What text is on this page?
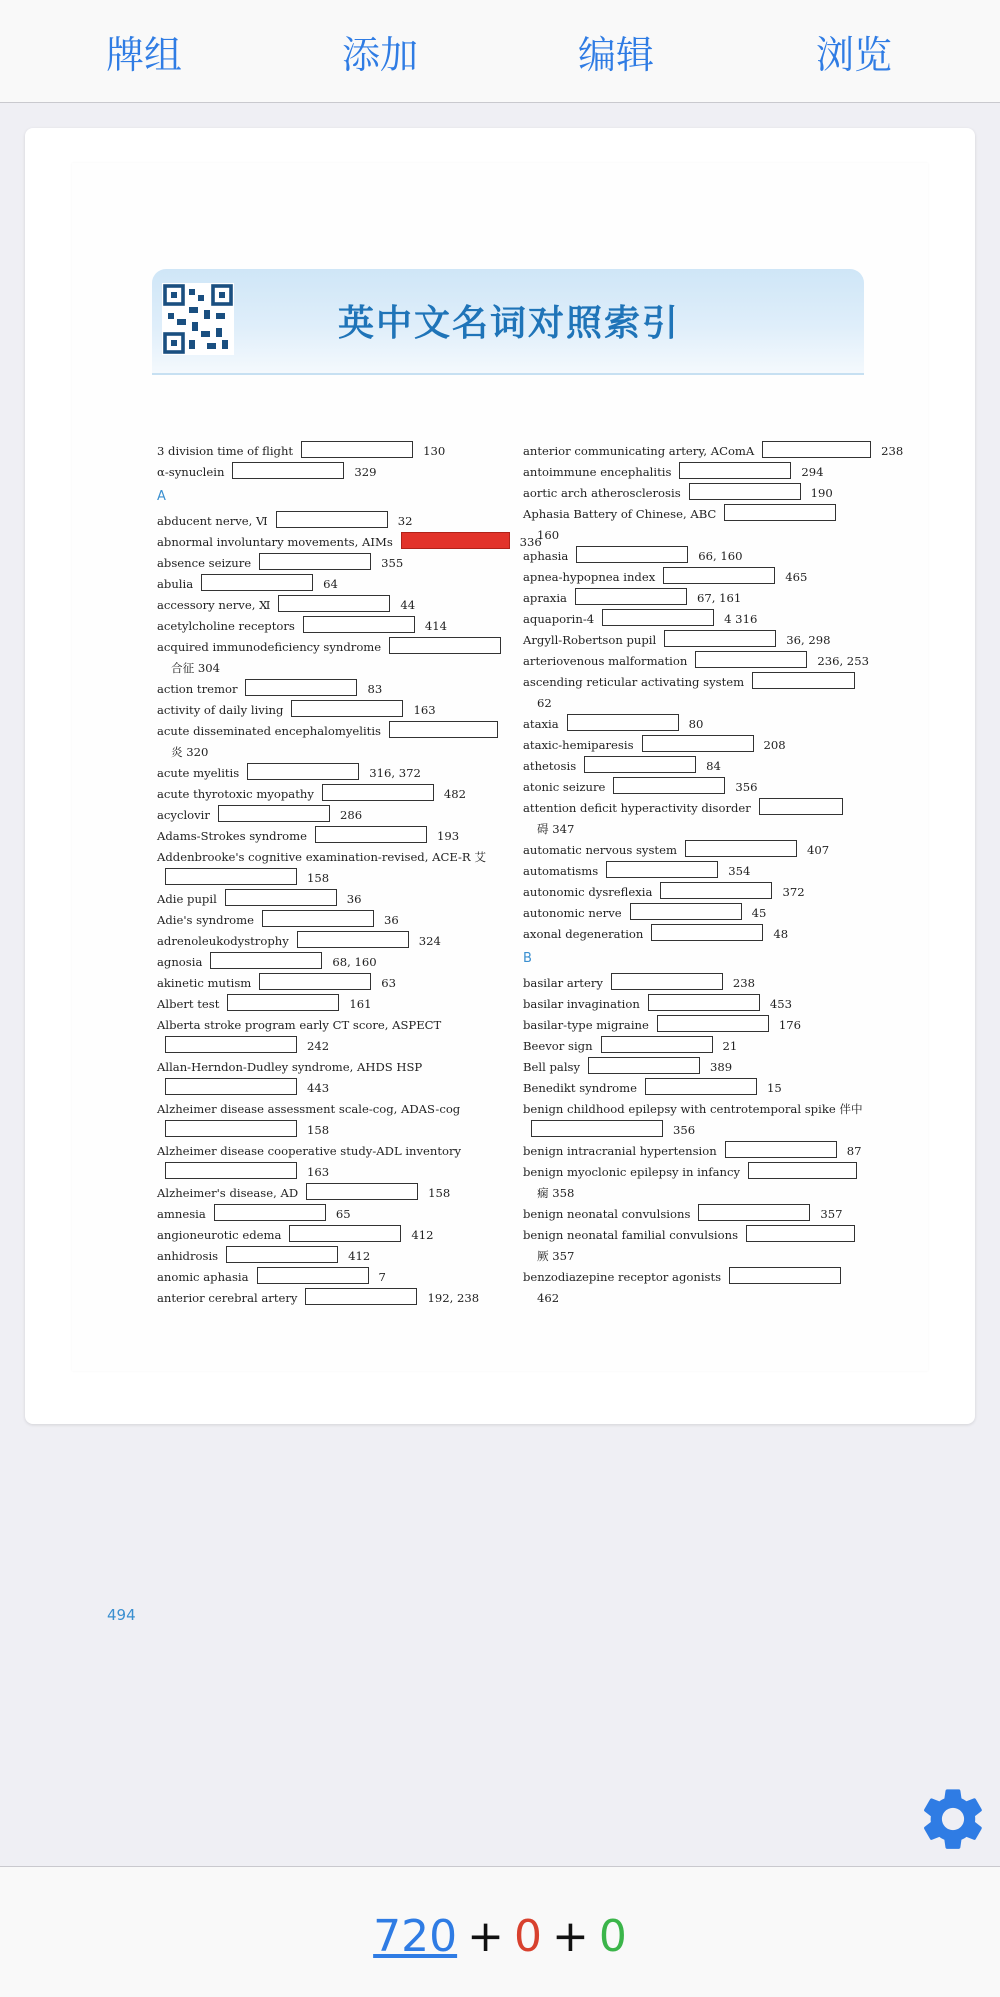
牌组	添加	编辑	浏览
英中文名词对照索引
494
3 division time of flight	130
α-synuclein	329
A
abducent nerve, Ⅵ	32
abnormal involuntary movements, AIMs	336
absence seizure	355
abulia	64
accessory nerve, Ⅺ	44
acetylcholine receptors	414
acquired immunodeficiency syndrome
合征 304
action tremor	83
activity of daily living	163
acute disseminated encephalomyelitis
炎 320
acute myelitis	316, 372
acute thyrotoxic myopathy	482
acyclovir	286
Adams-Strokes syndrome	193
Addenbrooke's cognitive examination-revised, ACE-R 艾
158
Adie pupil	36
Adie's syndrome	36
adrenoleukodystrophy	324
agnosia	68, 160
akinetic mutism	63
Albert test	161
Alberta stroke program early CT score, ASPECT
242
Allan-Herndon-Dudley syndrome, AHDS HSP
443
Alzheimer disease assessment scale-cog, ADAS-cog
158
Alzheimer disease cooperative study-ADL inventory
163
Alzheimer's disease, AD	158
amnesia	65
angioneurotic edema	412
anhidrosis	412
anomic aphasia	7
anterior cerebral artery	192, 238
anterior communicating artery, AComA	238
antoimmune encephalitis	294
aortic arch atherosclerosis	190
Aphasia Battery of Chinese, ABC
160
aphasia	66, 160
apnea-hypopnea index	465
apraxia	67, 161
aquaporin-4	4 316
Argyll-Robertson pupil	36, 298
arteriovenous malformation	236, 253
ascending reticular activating system
62
ataxia	80
ataxic-hemiparesis	208
athetosis	84
atonic seizure	356
attention deficit hyperactivity disorder
碍 347
automatic nervous system	407
automatisms	354
autonomic dysreflexia	372
autonomic nerve	45
axonal degeneration	48
B
basilar artery	238
basilar invagination	453
basilar-type migraine	176
Beevor sign	21
Bell palsy	389
Benedikt syndrome	15
benign childhood epilepsy with centrotemporal spike 伴中
356
benign intracranial hypertension	87
benign myoclonic epilepsy in infancy
痫 358
benign neonatal convulsions	357
benign neonatal familial convulsions
厥 357
benzodiazepine receptor agonists
462
720 + 0 + 0
